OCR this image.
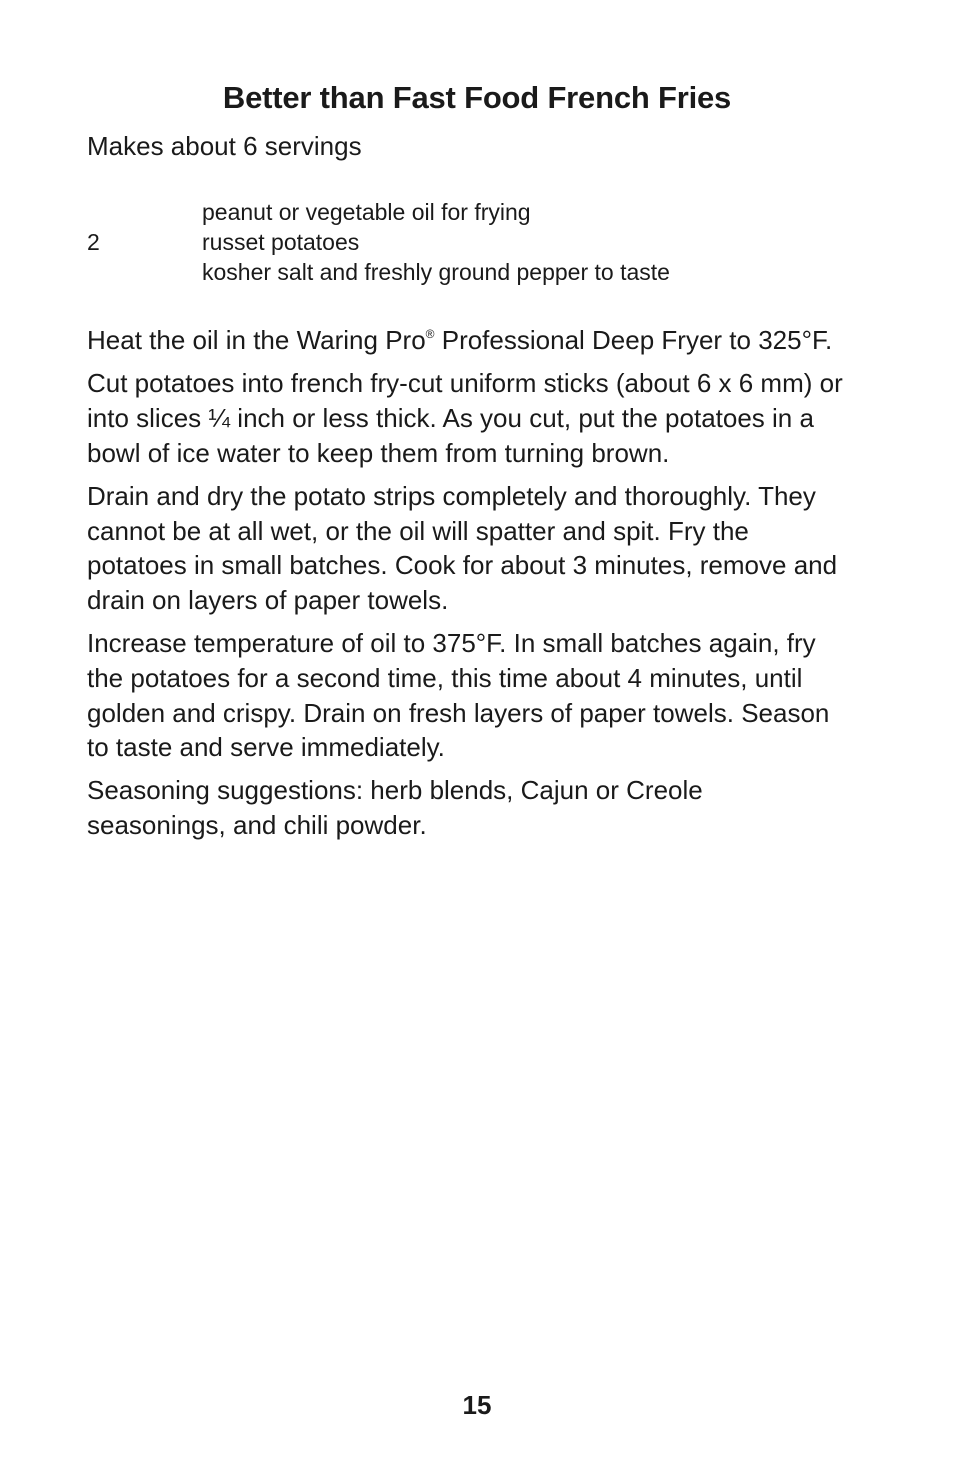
Better than Fast Food French Fries

Makes about 6 servings

peanut or vegetable oil for frying
2	russet potatoes
kosher salt and freshly ground pepper to taste

Heat the oil in the Waring Pro® Professional Deep Fryer to 325°F.

Cut potatoes into french fry-cut uniform sticks (about 6 x 6 mm) or into slices ¼ inch or less thick. As you cut, put the potatoes in a bowl of ice water to keep them from turning brown.

Drain and dry the potato strips completely and thoroughly. They cannot be at all wet, or the oil will spatter and spit. Fry the potatoes in small batches. Cook for about 3 minutes, remove and drain on layers of paper towels.

Increase temperature of oil to 375°F. In small batches again, fry the potatoes for a second time, this time about 4 minutes, until golden and crispy. Drain on fresh layers of paper towels. Season to taste and serve immediately.

Seasoning suggestions: herb blends, Cajun or Creole seasonings, and chili powder.

15
